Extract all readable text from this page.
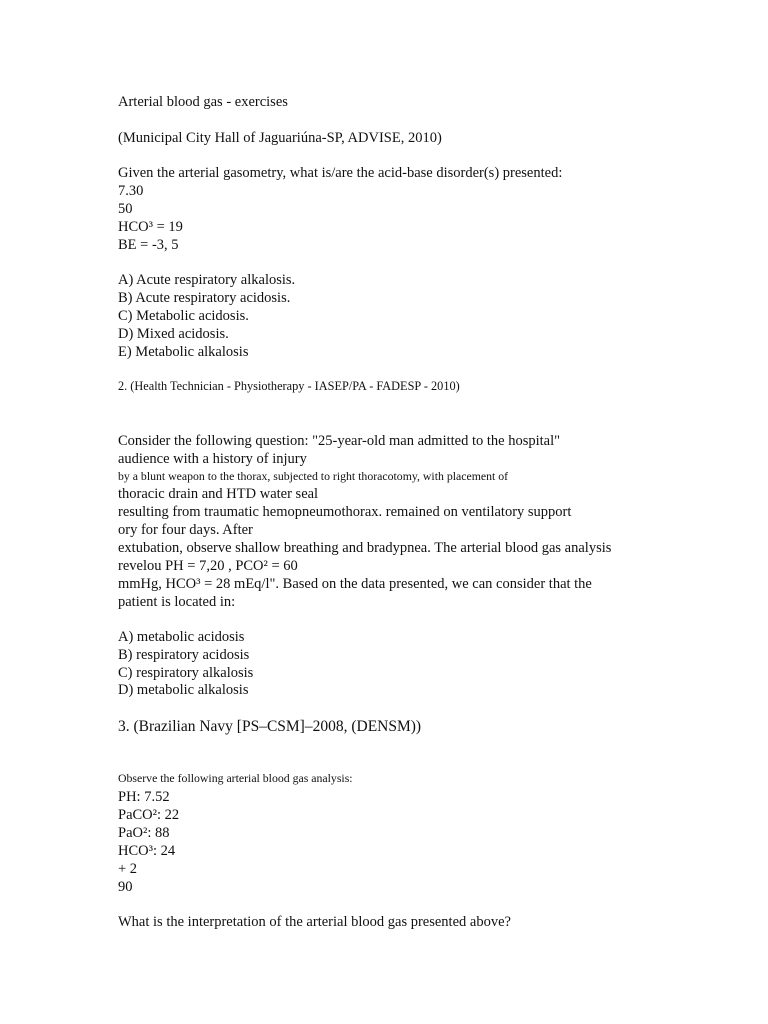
Arterial blood gas - exercises
(Municipal City Hall of Jaguariúna-SP, ADVISE, 2010)
Given the arterial gasometry, what is/are the acid-base disorder(s) presented:
7.30
50
HCO³ = 19
BE = -3, 5
A) Acute respiratory alkalosis.
B) Acute respiratory acidosis.
C) Metabolic acidosis.
D) Mixed acidosis.
E) Metabolic alkalosis
2. (Health Technician - Physiotherapy - IASEP/PA - FADESP - 2010)
Consider the following question: "25-year-old man admitted to the hospital"
audience with a history of injury
by a blunt weapon to the thorax, subjected to right thoracotomy, with placement of
thoracic drain and HTD water seal
resulting from traumatic hemopneumothorax. remained on ventilatory support
ory for four days. After
extubation, observe shallow breathing and bradypnea. The arterial blood gas analysis
revelou PH = 7,20 , PCO² = 60
mmHg, HCO³ = 28 mEq/l". Based on the data presented, we can consider that the
patient is located in:
A) metabolic acidosis
B) respiratory acidosis
C) respiratory alkalosis
D) metabolic alkalosis
3. (Brazilian Navy [PS–CSM]–2008, (DENSM))
Observe the following arterial blood gas analysis:
PH: 7.52
PaCO²: 22
PaO²: 88
HCO³: 24
+ 2
90
What is the interpretation of the arterial blood gas presented above?
